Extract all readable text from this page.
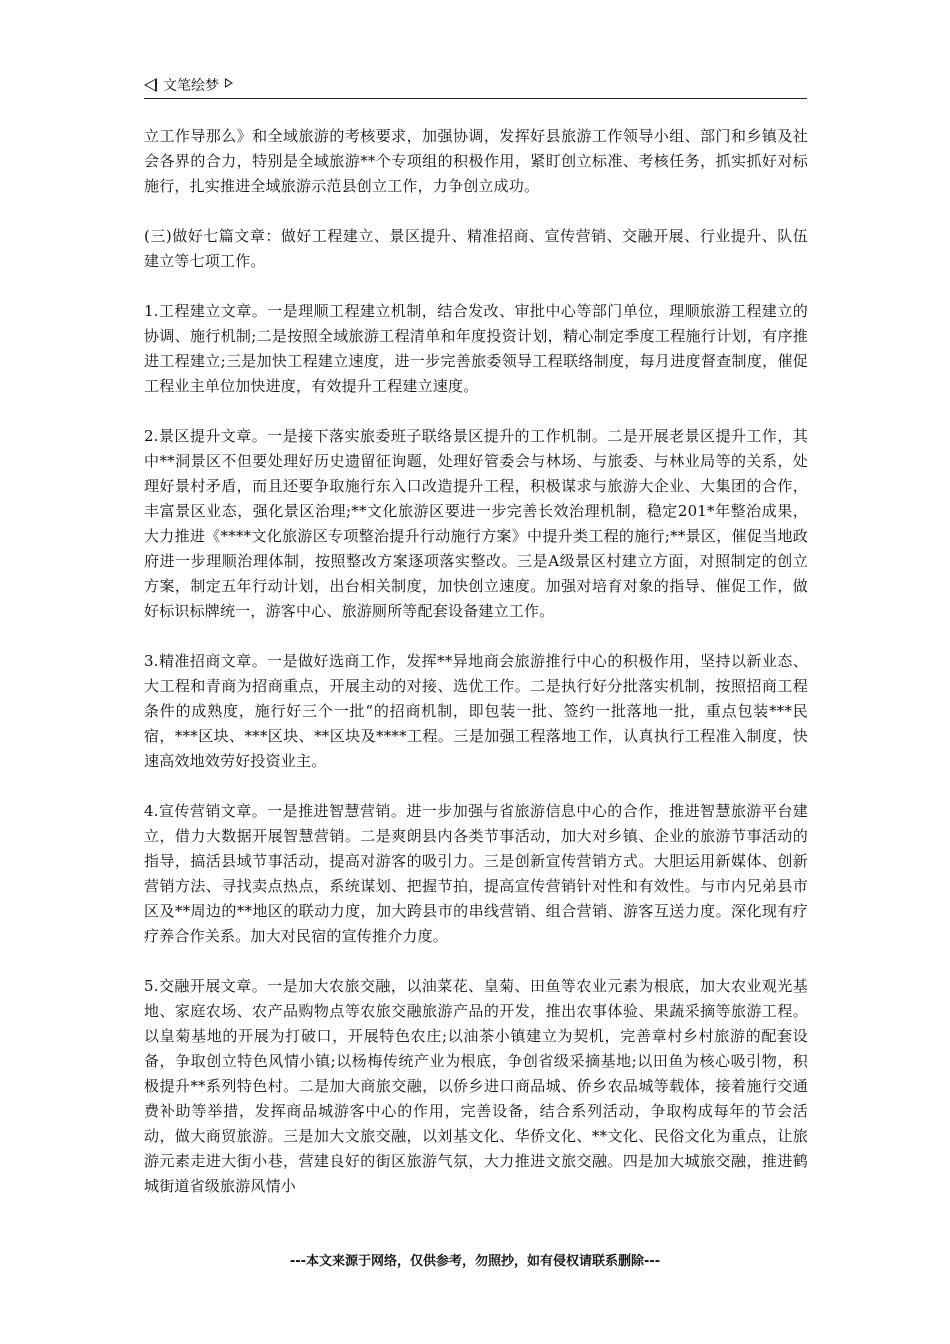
文笔绘梦

立工作导那么》和全域旅游的考核要求，加强协调，发挥好县旅游工作领导小组、部门和乡镇及社会各界的合力，特别是全域旅游**个专项组的积极作用，紧盯创立标准、考核任务，抓实抓好对标施行，扎实推进全域旅游示范县创立工作，力争创立成功。

(三)做好七篇文章：做好工程建立、景区提升、精准招商、宣传营销、交融开展、行业提升、队伍建立等七项工作。

1.工程建立文章。一是理顺工程建立机制，结合发改、审批中心等部门单位，理顺旅游工程建立的协调、施行机制;二是按照全域旅游工程清单和年度投资计划，精心制定季度工程施行计划，有序推进工程建立;三是加快工程建立速度，进一步完善旅委领导工程联络制度，每月进度督查制度，催促工程业主单位加快进度，有效提升工程建立速度。

2.景区提升文章。一是接下落实旅委班子联络景区提升的工作机制。二是开展老景区提升工作，其中**洞景区不但要处理好历史遗留征询题，处理好管委会与林场、与旅委、与林业局等的关系，处理好景村矛盾，而且还要争取施行东入口改造提升工程，积极谋求与旅游大企业、大集团的合作，丰富景区业态，强化景区治理;**文化旅游区要进一步完善长效治理机制，稳定201*年整治成果，大力推进《****文化旅游区专项整治提升行动施行方案》中提升类工程的施行;**景区，催促当地政府进一步理顺治理体制，按照整改方案逐项落实整改。三是A级景区村建立方面，对照制定的创立方案，制定五年行动计划，出台相关制度，加快创立速度。加强对培育对象的指导、催促工作，做好标识标牌统一，游客中心、旅游厕所等配套设备建立工作。

3.精准招商文章。一是做好选商工作，发挥**异地商会旅游推行中心的积极作用，坚持以新业态、大工程和青商为招商重点，开展主动的对接、选优工作。二是执行好分批落实机制，按照招商工程条件的成熟度，施行好三个一批“的招商机制，即包装一批、签约一批落地一批，重点包装***民宿，***区块、***区块、**区块及****工程。三是加强工程落地工作，认真执行工程准入制度，快速高效地效劳好投资业主。

4.宣传营销文章。一是推进智慧营销。进一步加强与省旅游信息中心的合作，推进智慧旅游平台建立，借力大数据开展智慧营销。二是爽朗县内各类节事活动，加大对乡镇、企业的旅游节事活动的指导，搞活县域节事活动，提高对游客的吸引力。三是创新宣传营销方式。大胆运用新媒体、创新营销方法、寻找卖点热点，系统谋划、把握节拍，提高宣传营销针对性和有效性。与市内兄弟县市区及**周边的**地区的联动力度，加大跨县市的串线营销、组合营销、游客互送力度。深化现有疗疗养合作关系。加大对民宿的宣传推介力度。

5.交融开展文章。一是加大农旅交融，以油菜花、皇菊、田鱼等农业元素为根底，加大农业观光基地、家庭农场、农产品购物点等农旅交融旅游产品的开发，推出农事体验、果蔬采摘等旅游工程。以皇菊基地的开展为打破口，开展特色农庄;以油茶小镇建立为契机，完善章村乡村旅游的配套设备，争取创立特色风情小镇;以杨梅传统产业为根底，争创省级采摘基地;以田鱼为核心吸引物，积极提升**系列特色村。二是加大商旅交融，以侨乡进口商品城、侨乡农品城等载体，接着施行交通费补助等举措，发挥商品城游客中心的作用，完善设备，结合系列活动，争取构成每年的节会活动，做大商贸旅游。三是加大文旅交融，以刘基文化、华侨文化、**文化、民俗文化为重点，让旅游元素走进大街小巷，营建良好的街区旅游气氛，大力推进文旅交融。四是加大城旅交融，推进鹤城街道省级旅游风情小

---本文来源于网络，仅供参考，勿照抄，如有侵权请联系删除---
